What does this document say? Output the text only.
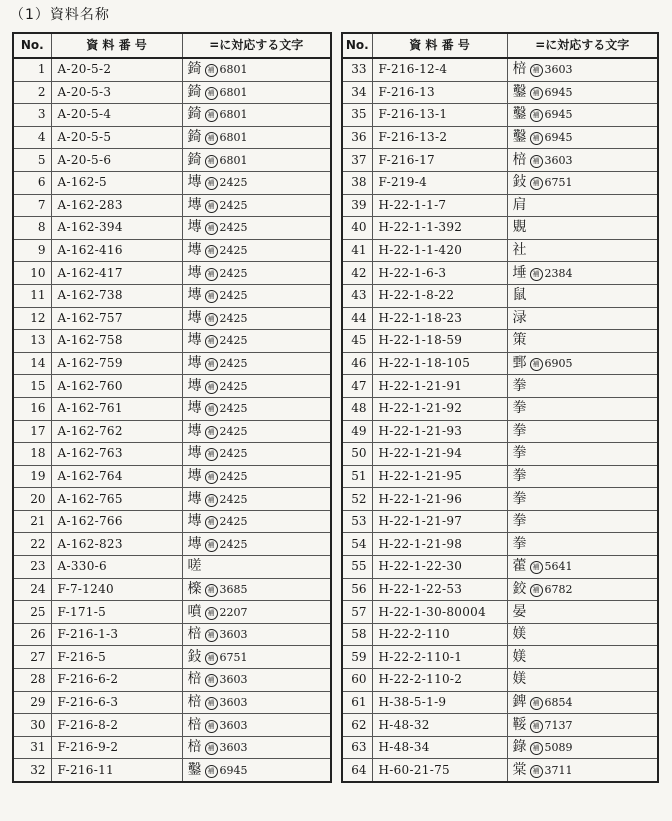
（1）資料名称
No.	資 料 番 号	=に対応する文字
1	A-20-5-2	錡 補 6801
2	A-20-5-3	錡 補 6801
3	A-20-5-4	錡 補 6801
4	A-20-5-5	錡 補 6801
5	A-20-5-6	錡 補 6801
6	A-162-5	塼 補 2425
7	A-162-283	塼 補 2425
8	A-162-394	塼 補 2425
9	A-162-416	塼 補 2425
10	A-162-417	塼 補 2425
11	A-162-738	塼 補 2425
12	A-162-757	塼 補 2425
13	A-162-758	塼 補 2425
14	A-162-759	塼 補 2425
15	A-162-760	塼 補 2425
16	A-162-761	塼 補 2425
17	A-162-762	塼 補 2425
18	A-162-763	塼 補 2425
19	A-162-764	塼 補 2425
20	A-162-765	塼 補 2425
21	A-162-766	塼 補 2425
22	A-162-823	塼 補 2425
23	A-330-6	嗟
24	F-7-1240	檪 補 3685
25	F-171-5	噴 補 2207
26	F-216-1-3	棓 補 3603
27	F-216-5	鈙 補 6751
28	F-216-6-2	棓 補 3603
29	F-216-6-3	棓 補 3603
30	F-216-8-2	棓 補 3603
31	F-216-9-2	棓 補 3603
32	F-216-11	鑿 補 6945
No.	資 料 番 号	=に対応する文字
33	F-216-12-4	棓 補 3603
34	F-216-13	鑿 補 6945
35	F-216-13-1	鑿 補 6945
36	F-216-13-2	鑿 補 6945
37	F-216-17	棓 補 3603
38	F-219-4	鈙 補 6751
39	H-22-1-1-7	肩
40	H-22-1-1-392	覞
41	H-22-1-1-420	社
42	H-22-1-6-3	埵 補 2384
43	H-22-1-8-22	鼠
44	H-22-1-18-23	渌
45	H-22-1-18-59	策
46	H-22-1-18-105	鄄 補 6905
47	H-22-1-21-91	拳
48	H-22-1-21-92	拳
49	H-22-1-21-93	拳
50	H-22-1-21-94	拳
51	H-22-1-21-95	拳
52	H-22-1-21-96	拳
53	H-22-1-21-97	拳
54	H-22-1-21-98	拳
55	H-22-1-22-30	藿 補 5641
56	H-22-1-22-53	鉸 補 6782
57	H-22-1-30-80004	晏
58	H-22-2-110	媄
59	H-22-2-110-1	媄
60	H-22-2-110-2	媄
61	H-38-5-1-9	錍 補 6854
62	H-48-32	鞖 補 7137
63	H-48-34	錄 補 5089
64	H-60-21-75	棠 補 3711
